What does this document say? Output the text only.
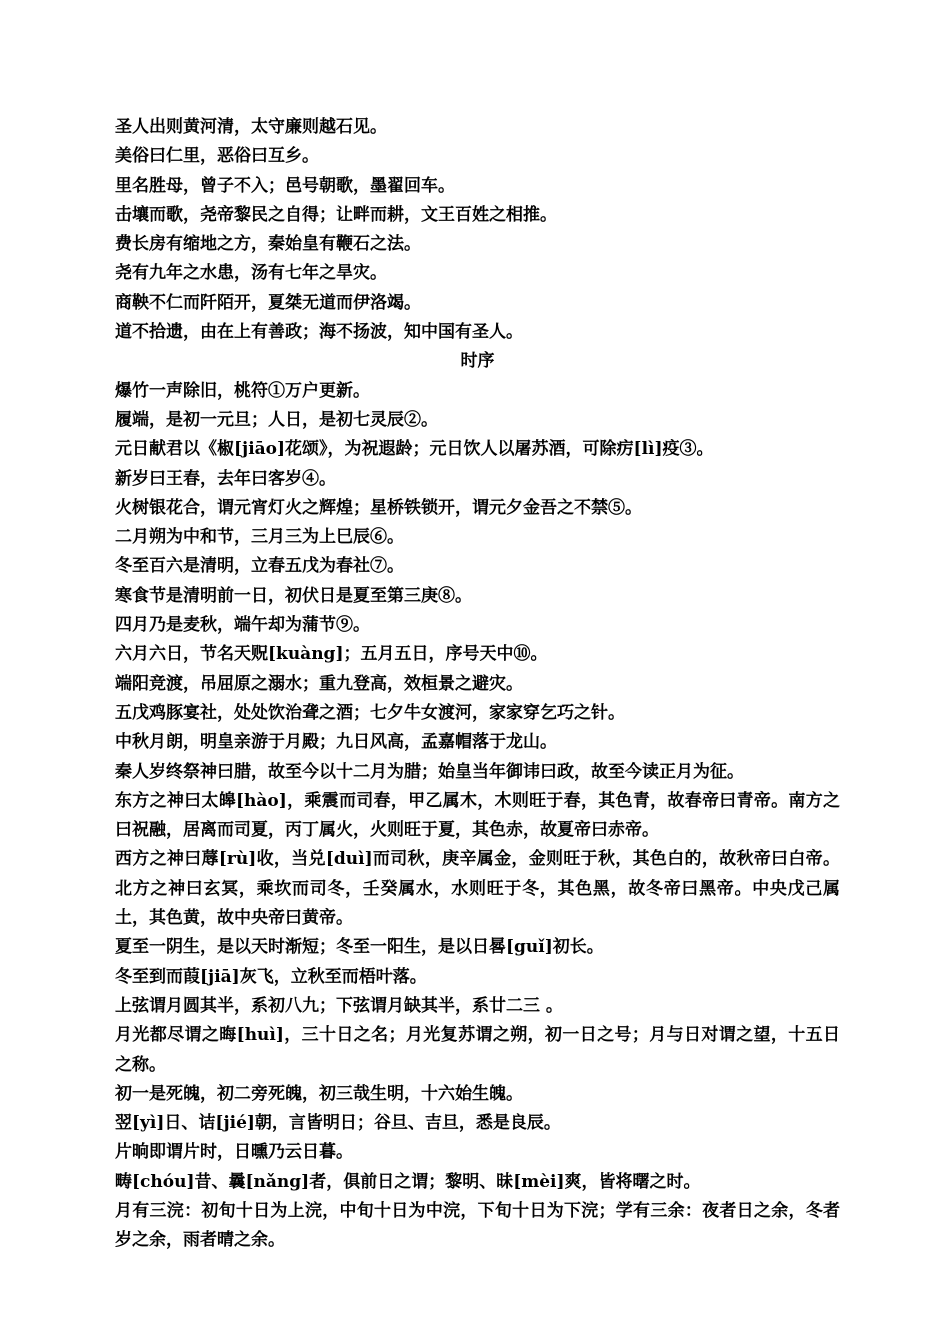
圣人出则黄河清，太守廉则越石见。

美俗曰仁里，恶俗曰互乡。

里名胜母，曾子不入；邑号朝歌，墨翟回车。

击壤而歌，尧帝黎民之自得；让畔而耕，文王百姓之相推。

费长房有缩地之方，秦始皇有鞭石之法。

尧有九年之水患，汤有七年之旱灾。

商鞅不仁而阡陌开，夏桀无道而伊洛竭。

道不拾遗，由在上有善政；海不扬波，知中国有圣人。

时序

爆竹一声除旧，桃符①万户更新。

履端，是初一元旦；人日，是初七灵辰②。

元日献君以《椒[jiāo]花颂》，为祝遐龄；元日饮人以屠苏酒，可除疠[lì]疫③。

新岁曰王春，去年曰客岁④。

火树银花合，谓元宵灯火之辉煌；星桥铁锁开，谓元夕金吾之不禁⑤。

二月朔为中和节，三月三为上巳辰⑥。

冬至百六是清明，立春五戊为春社⑦。

寒食节是清明前一日，初伏日是夏至第三庚⑧。

四月乃是麦秋，端午却为蒲节⑨。

六月六日，节名天贶[kuàng]；五月五日，序号天中⑩。

端阳竞渡，吊屈原之溺水；重九登高，效桓景之避灾。

五戊鸡豚宴社，处处饮治聋之酒；七夕牛女渡河，家家穿乞巧之针。

中秋月朗，明皇亲游于月殿；九日风高，孟嘉帽落于龙山。

秦人岁终祭神曰腊，故至今以十二月为腊；始皇当年御讳曰政，故至今读正月为征。

东方之神曰太皞[hào]，乘震而司春，甲乙属木，木则旺于春，其色青，故春帝曰青帝。南方之曰祝融，居离而司夏，丙丁属火，火则旺于夏，其色赤，故夏帝曰赤帝。

西方之神曰蓐[rù]收，当兑[duì]而司秋，庚辛属金，金则旺于秋，其色白的，故秋帝曰白帝。北方之神曰玄冥，乘坎而司冬，壬癸属水，水则旺于冬，其色黑，故冬帝曰黑帝。中央戊己属土，其色黄，故中央帝曰黄帝。

夏至一阴生，是以天时渐短；冬至一阳生，是以日晷[guǐ]初长。

冬至到而葭[jiā]灰飞，立秋至而梧叶落。

上弦谓月圆其半，系初八九；下弦谓月缺其半，系廿二三 。

月光都尽谓之晦[huì]，三十日之名；月光复苏谓之朔，初一日之号；月与日对谓之望，十五日之称。

初一是死魄，初二旁死魄，初三哉生明，十六始生魄。

翌[yì]日、诘[jié]朝，言皆明日；谷旦、吉旦，悉是良辰。

片晌即谓片时，日曛乃云日暮。

畴[chóu]昔、曩[nǎng]者，俱前日之谓；黎明、昧[mèi]爽，皆将曙之时。

月有三浣：初旬十日为上浣，中旬十日为中浣，下旬十日为下浣；学有三余：夜者日之余，冬者岁之余，雨者晴之余。
